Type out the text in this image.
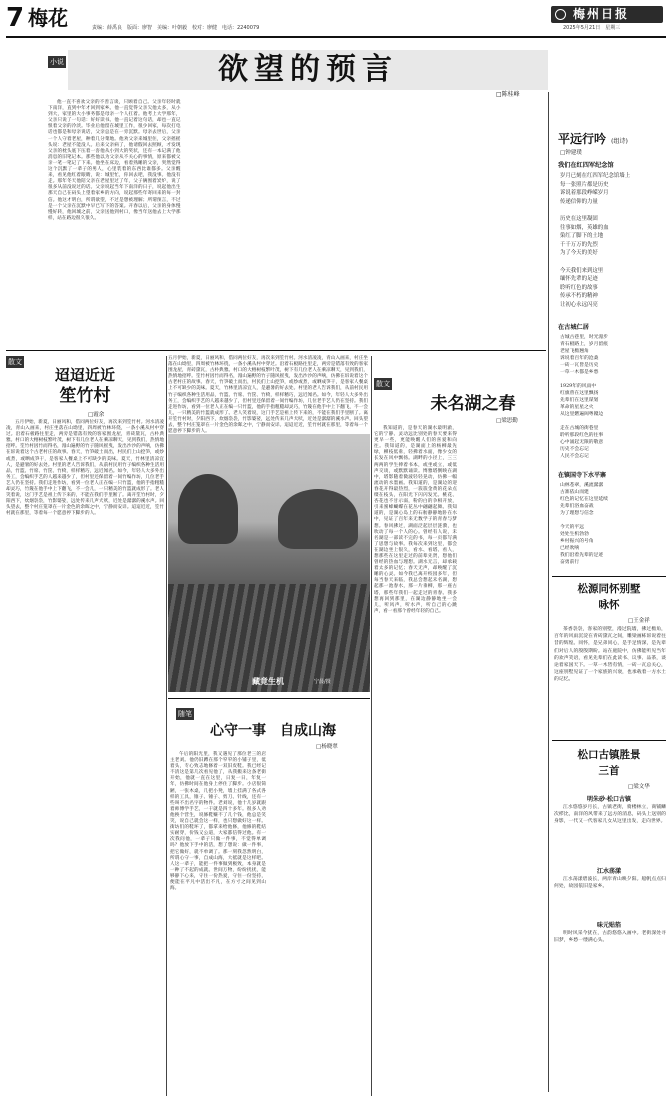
7 梅花	责编：薛禹良　版面：廖智　美编：叶朝毅　校对：廖健　电话：2240079
梅州日报
2025年5月21日　星期三
小说	欲望的预言
□陈桂峰

他一直不喜欢父亲的不善言谈，只顾着自己。父亲年轻时就下南洋，直到中年才回到家乡。他一直觉得父亲欠他太多，从小到大，家里的大小事务都是母亲一个人扛着。他考上大学那年，父亲只说了一句话：好好读书。他一直记着这句话，却也一直记恨着父亲的冷淡。毕业后他留在城里工作，很少回家，每次打电话也都是和母亲说话，父亲总是在一旁沉默。母亲去世后，父亲一个人守着老屋，种着几分菜地。他劝父亲来城里住，父亲摇摇头说：老屋不能没人。后来父亲病了，他请假回去照顾，才发现父亲的枕头底下压着一沓他从小到大的奖状，还有一本记满了他消息的旧笔记本。那些他以为父亲从不关心的事情，原来都被父亲一笔一笔记了下来。他坐在床边，看着熟睡的父亲，突然觉得这个沉默了一辈子的男人，心里装着的东西比谁都多。父亲醒来，看见他红着眼睛，说：城里忙，你回去吧，我没事。他没有走。那年冬天他陪父亲在老屋里过了年，父子俩围着炭炉，说了很多从前没说过的话。父亲说起当年下南洋的日子，说起他出生那天自己在码头上望着家乡的方向，说起那些年寄回来的每一封信。他这才明白，所谓欲望，不过是想被理解；所谓预言，不过是一个父亲在沉默中早已写下的答案。开春以后，父亲的身体慢慢好转，他回城之前，父亲送他到村口，像当年送他去上大学那样，站在路边很久很久。

平远行吟 (组诗)
□钟建璞
我们在红四军纪念馆
岁月已刻在红四军纪念馆墙上
每一张照片都是历史
诉说着那段峥嵘岁月
传递信仰的力量

历史在这里凝固
往事如烟，英雄的血
染红了脚下的土地
千千万万的先烈
为了今天的美好

今天我们来到这里
缅怀先辈的足迹
聆听红色的故事
传承不朽的精神
让初心永远闪亮
在古城仁居
古城古巷里，时光漫步
青石板路上，岁月留痕
老屋飞檐翘角
诉说着百年的沧桑
一砖一瓦皆是历史
一草一木都是乡愁

1929年的风雨中
红旗曾在这里飘扬
先辈们在这里谋划
革命的星星之火
从这里燃遍闽粤赣边

走在古城的街巷里
聆听那段红色的往事
心中涌起无限的敬意
历史不会忘记
人民不会忘记
在镇国寺下水平寨
山林苍翠，溪流潺潺
古寨依山而建
红色的记忆在这里延续
先辈们浴血奋战
为了理想与信念

今天的平远
处处生机勃勃
乡村振兴的号角
已经吹响
我们沿着先辈的足迹
奋勇前行
散文
迢迢近近
笙竹村
□霞余

五月伊始，新夏，日丽风和，借同两位好友，再次来到笙竹村。河水清凌凌，青山入画来，村庄坐落在山坳里，四周被竹林环绕，一条小溪从村中穿过。沿着石板路往里走，两旁是错落有致的客家围龙屋，青砖黛瓦，古朴典雅。村口的大榕树枝繁叶茂，树下有几位老人在乘凉聊天，见到我们，热情地招呼。笙竹村因竹而得名，漫山遍野的竹子随风摇曳，发出沙沙的声响，仿佛在诉说着这个古老村庄的故事。春天，竹笋破土而出，村民们上山挖笋，或炒或煮，或晒成笋干，是客家人餐桌上不可缺少的美味。夏天，竹林里清凉宜人，是避暑的好去处。村里的老人告诉我们，从前村民用竹子编织各种生活用品，竹篮、竹席、竹筐、竹椅，样样精巧，远近闻名。如今，年轻人大多外出务工，会编织手艺的人越来越少了，但村里还保留着一间竹编作坊，几位老手艺人仍在坚持。我们走进作坊，看到一位老人正在编一只竹篮，他的手指粗糙却灵巧，竹篾在他手中上下翻飞，不一会儿，一只精美的竹篮就成形了。老人笑着说，这门手艺是祖上传下来的，不能在我们手里断了。离开笙竹村时，夕阳西下，炊烟袅袅，竹影婆娑，远处传来几声犬吠，近处是潺潺的溪水声。回头望去，整个村庄笼罩在一片金色的余晖之中，宁静而安详。迢迢近近，笙竹村就在那里，等着每一个愿意停下脚步的人。

五月伊始，新夏，日丽风和，借同两位好友，再次来到笙竹村。河水清凌凌，青山入画来，村庄坐落在山坳里，四周被竹林环绕，一条小溪从村中穿过。沿着石板路往里走，两旁是错落有致的客家围龙屋，青砖黛瓦，古朴典雅。村口的大榕树枝繁叶茂，树下有几位老人在乘凉聊天，见到我们，热情地招呼。笙竹村因竹而得名，漫山遍野的竹子随风摇曳，发出沙沙的声响，仿佛在诉说着这个古老村庄的故事。春天，竹笋破土而出，村民们上山挖笋，或炒或煮，或晒成笋干，是客家人餐桌上不可缺少的美味。夏天，竹林里清凉宜人，是避暑的好去处。村里的老人告诉我们，从前村民用竹子编织各种生活用品，竹篮、竹席、竹筐、竹椅，样样精巧，远近闻名。如今，年轻人大多外出务工，会编织手艺的人越来越少了，但村里还保留着一间竹编作坊，几位老手艺人仍在坚持。我们走进作坊，看到一位老人正在编一只竹篮，他的手指粗糙却灵巧，竹篾在他手中上下翻飞，不一会儿，一只精美的竹篮就成形了。老人笑着说，这门手艺是祖上传下来的，不能在我们手里断了。离开笙竹村时，夕阳西下，炊烟袅袅，竹影婆娑，远处传来几声犬吠，近处是潺潺的溪水声。回头望去，整个村庄笼罩在一片金色的余晖之中，宁静而安详。迢迢近近，笙竹村就在那里，等着每一个愿意停下脚步的人。

藏竟生机	宁晨/摄
散文
未名湖之春
□梁思勤

我知道的，是春天的湖水最明澈，它的宁静、灵动远比别处的春天要来得更早一些，更能唤醒人们的喜爱和向往。我知道的，是湖面上的杨柳最先绿，柳枝低垂，轻拂着水面，像少女的长发在风中飘扬。湖畔的小径上，三三两两的学生捧着书本，或坐或立，或低声交谈，或默默诵读。博雅塔倒映在湖中，塔影随着微波轻轻晃动，仿佛一幅流动的水墨画。我知道的，是湖边的迎春花开得最热烈，一簇簇金黄的花朵点缀在枝头，在阳光下闪闪发光。桃花、杏花也不甘示弱，粉的白的争相开放，引来蜜蜂蝴蝶在花丛中翩翩起舞。我知道的，是湖心岛上的石舫静静地卧在水中，见证了百年来无数学子的青春与梦想。春风拂过，湖面泛起层层涟漪，也吹动了每一个人的心。曾经有人说，未名湖是一部读不完的书，每一页都写满了思想与故事。我每次来到这里，都会在湖边坐上很久，看水、看塔、看人，想那些在这里走过的前辈先贤，想他们曾经的热血与理想。湖水无言，却承载着太多的记忆；春天无声，却唤醒了沉睡的心灵。如今我已离开校园多年，但每当春天来临，我总会想起未名湖，想起那一池春水，那一片垂柳，那一座古塔，那些年我们一起走过的青春。我多想再回到那里，在湖边静静地坐一会儿，听风声，听水声，听自己的心跳声，看一看那个曾经年轻的自己。

随笔
心守一事　自成山海
□杨晓翠

午后的阳光里，我又遇见了那位老三的店主老刘。他仍旧蹲在那个窄窄的小铺子里，低着头，专心致志地修着一双旧皮鞋。我已经记不清这是第几次看见他了，从我搬来这条老街开始，他就一直在这里，日复一日，年复一年，仿佛时间在他身上停住了脚步。小店很简陋，一张木桌，几把小凳，墙上挂满了各式各样的工具，锥子、锤子、剪刀、针线，还有一些叫不出名字的物件。老刘说，他十几岁就跟着师傅学手艺，一干就是四十多年。很多人劝他换个营生，说修鞋赚不了几个钱，他总是笑笑，说自己就会这一样，也只想做好这一样。街坊们的鞋坏了，都拿来给他修，他修的鞋结实耐穿，价钱又公道，大家都信得过他。有一次我问他，一辈子只做一件事，不觉得单调吗？他放下手中的活，想了想说：做一件事，把它做好，就不单调了。那一刻我忽然明白，所谓心守一事，自成山海，大抵就是这样吧。人这一辈子，能把一件事做到极致，本身就是一种了不起的成就。世间万物，纷纷扰扰，能够静下心来，守住一份热爱，守住一份坚持，便能在平凡中活出不凡，在方寸之间见到山海。

松源同怀别墅
咏怀
□王金祥

茶香袅袅，客家的别墅，漫过院墙，拂过檐角，百年的风雨沉淀在青砖黛瓦之间，雕梁画栋诉说着往昔的辉煌。同怀，是兄弟同心，是手足情深，是先辈们对后人的殷殷期盼。站在庭院中，仿佛能听见当年的欢声笑语，看见先辈们在此读书、议事、品茶，谈论着家国天下。一草一木皆有情，一砖一瓦总关心，这座别墅见证了一个家族的兴衰，也承载着一方水土的记忆。

松口古镇胜景
三首
□梁文华
明朱砂·松口古镇

江水悠悠岁月长，古镇老街，骑楼林立，商铺鳞次栉比，南洋的风带来了远方的消息，码头上送别的身影，一代又一代客家儿女从这里出发，走向世界。

江水荡漾

江水荡漾碧波长，两岸青山映夕阳。船帆点点归何处，故园依旧是家乡。

味元贴箔

明时风采今犹在，古韵悠悠入画中。老街深处寻旧梦，乡愁一缕满心头。
